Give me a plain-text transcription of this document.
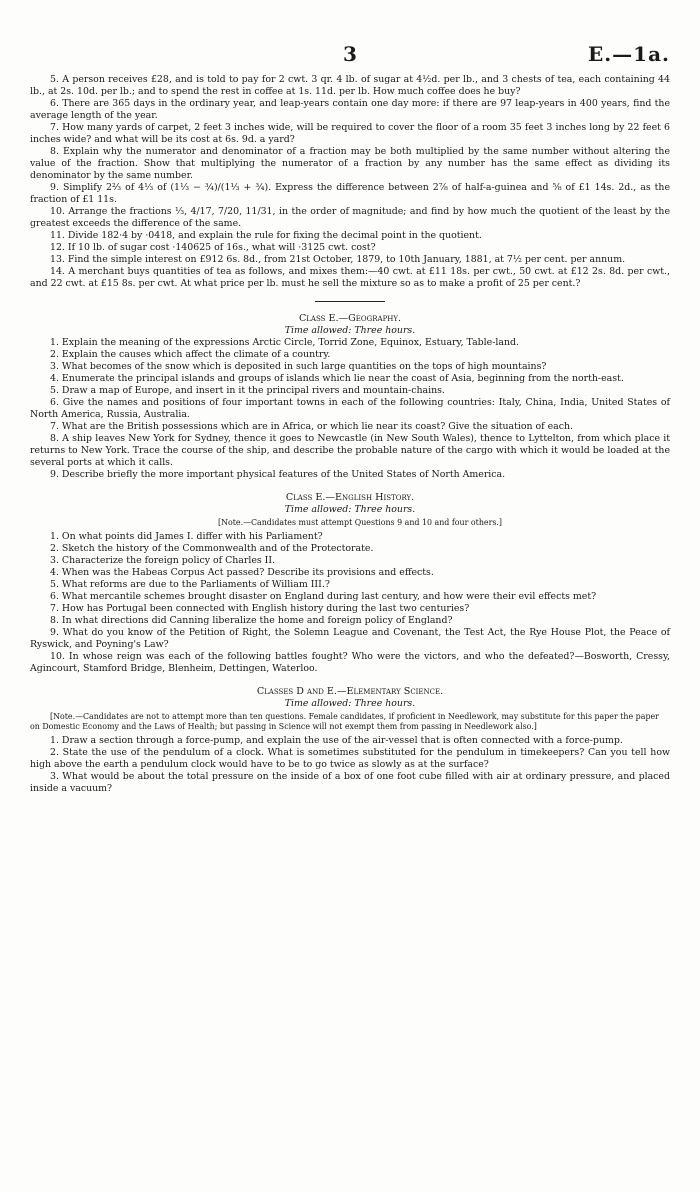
3	E.—1a.

5. A person receives £28, and is told to pay for 2 cwt. 3 qr. 4 lb. of sugar at 4½d. per lb., and 3 chests of tea, each containing 44 lb., at 2s. 10d. per lb.; and to spend the rest in coffee at 1s. 11d. per lb. How much coffee does he buy?

6. There are 365 days in the ordinary year, and leap-years contain one day more: if there are 97 leap-years in 400 years, find the average length of the year.

7. How many yards of carpet, 2 feet 3 inches wide, will be required to cover the floor of a room 35 feet 3 inches long by 22 feet 6 inches wide? and what will be its cost at 6s. 9d. a yard?

8. Explain why the numerator and denominator of a fraction may be both multiplied by the same number without altering the value of the fraction. Show that multiplying the numerator of a fraction by any number has the same effect as dividing its denominator by the same number.

9. Simplify 2⅔ of 4⅓ of (1⅓ − ¾)/(1⅓ + ¾). Express the difference between 2⅞ of half-a-guinea and ⅝ of £1 14s. 2d., as the fraction of £1 11s.

10. Arrange the fractions ⅓, 4/17, 7/20, 11/31, in the order of magnitude; and find by how much the quotient of the least by the greatest exceeds the difference of the same.

11. Divide 182·4 by ·0418, and explain the rule for fixing the decimal point in the quotient.

12. If 10 lb. of sugar cost ·140625 of 16s., what will ·3125 cwt. cost?

13. Find the simple interest on £912 6s. 8d., from 21st October, 1879, to 10th January, 1881, at 7½ per cent. per annum.

14. A merchant buys quantities of tea as follows, and mixes them:—40 cwt. at £11 18s. per cwt., 50 cwt. at £12 2s. 8d. per cwt., and 22 cwt. at £15 8s. per cwt. At what price per lb. must he sell the mixture so as to make a profit of 25 per cent.?

Class E.—Geography.
Time allowed: Three hours.

1. Explain the meaning of the expressions Arctic Circle, Torrid Zone, Equinox, Estuary, Table-land.

2. Explain the causes which affect the climate of a country.

3. What becomes of the snow which is deposited in such large quantities on the tops of high mountains?

4. Enumerate the principal islands and groups of islands which lie near the coast of Asia, beginning from the north-east.

5. Draw a map of Europe, and insert in it the principal rivers and mountain-chains.

6. Give the names and positions of four important towns in each of the following countries: Italy, China, India, United States of North America, Russia, Australia.

7. What are the British possessions which are in Africa, or which lie near its coast? Give the situation of each.

8. A ship leaves New York for Sydney, thence it goes to Newcastle (in New South Wales), thence to Lyttelton, from which place it returns to New York. Trace the course of the ship, and describe the probable nature of the cargo with which it would be loaded at the several ports at which it calls.

9. Describe briefly the more important physical features of the United States of North America.

Class E.—English History.
Time allowed: Three hours.
[Note.—Candidates must attempt Questions 9 and 10 and four others.]

1. On what points did James I. differ with his Parliament?

2. Sketch the history of the Commonwealth and of the Protectorate.

3. Characterize the foreign policy of Charles II.

4. When was the Habeas Corpus Act passed? Describe its provisions and effects.

5. What reforms are due to the Parliaments of William III.?

6. What mercantile schemes brought disaster on England during last century, and how were their evil effects met?

7. How has Portugal been connected with English history during the last two centuries?

8. In what directions did Canning liberalize the home and foreign policy of England?

9. What do you know of the Petition of Right, the Solemn League and Covenant, the Test Act, the Rye House Plot, the Peace of Ryswick, and Poyning's Law?

10. In whose reign was each of the following battles fought? Who were the victors, and who the defeated?—Bosworth, Cressy, Agincourt, Stamford Bridge, Blenheim, Dettingen, Waterloo.

Classes D and E.—Elementary Science.
Time allowed: Three hours.
[Note.—Candidates are not to attempt more than ten questions. Female candidates, if proficient in Needlework, may substitute for this paper the paper on Domestic Economy and the Laws of Health; but passing in Science will not exempt them from passing in Needlework also.]

1. Draw a section through a force-pump, and explain the use of the air-vessel that is often connected with a force-pump.

2. State the use of the pendulum of a clock. What is sometimes substituted for the pendulum in timekeepers? Can you tell how high above the earth a pendulum clock would have to be to go twice as slowly as at the surface?

3. What would be about the total pressure on the inside of a box of one foot cube filled with air at ordinary pressure, and placed inside a vacuum?
